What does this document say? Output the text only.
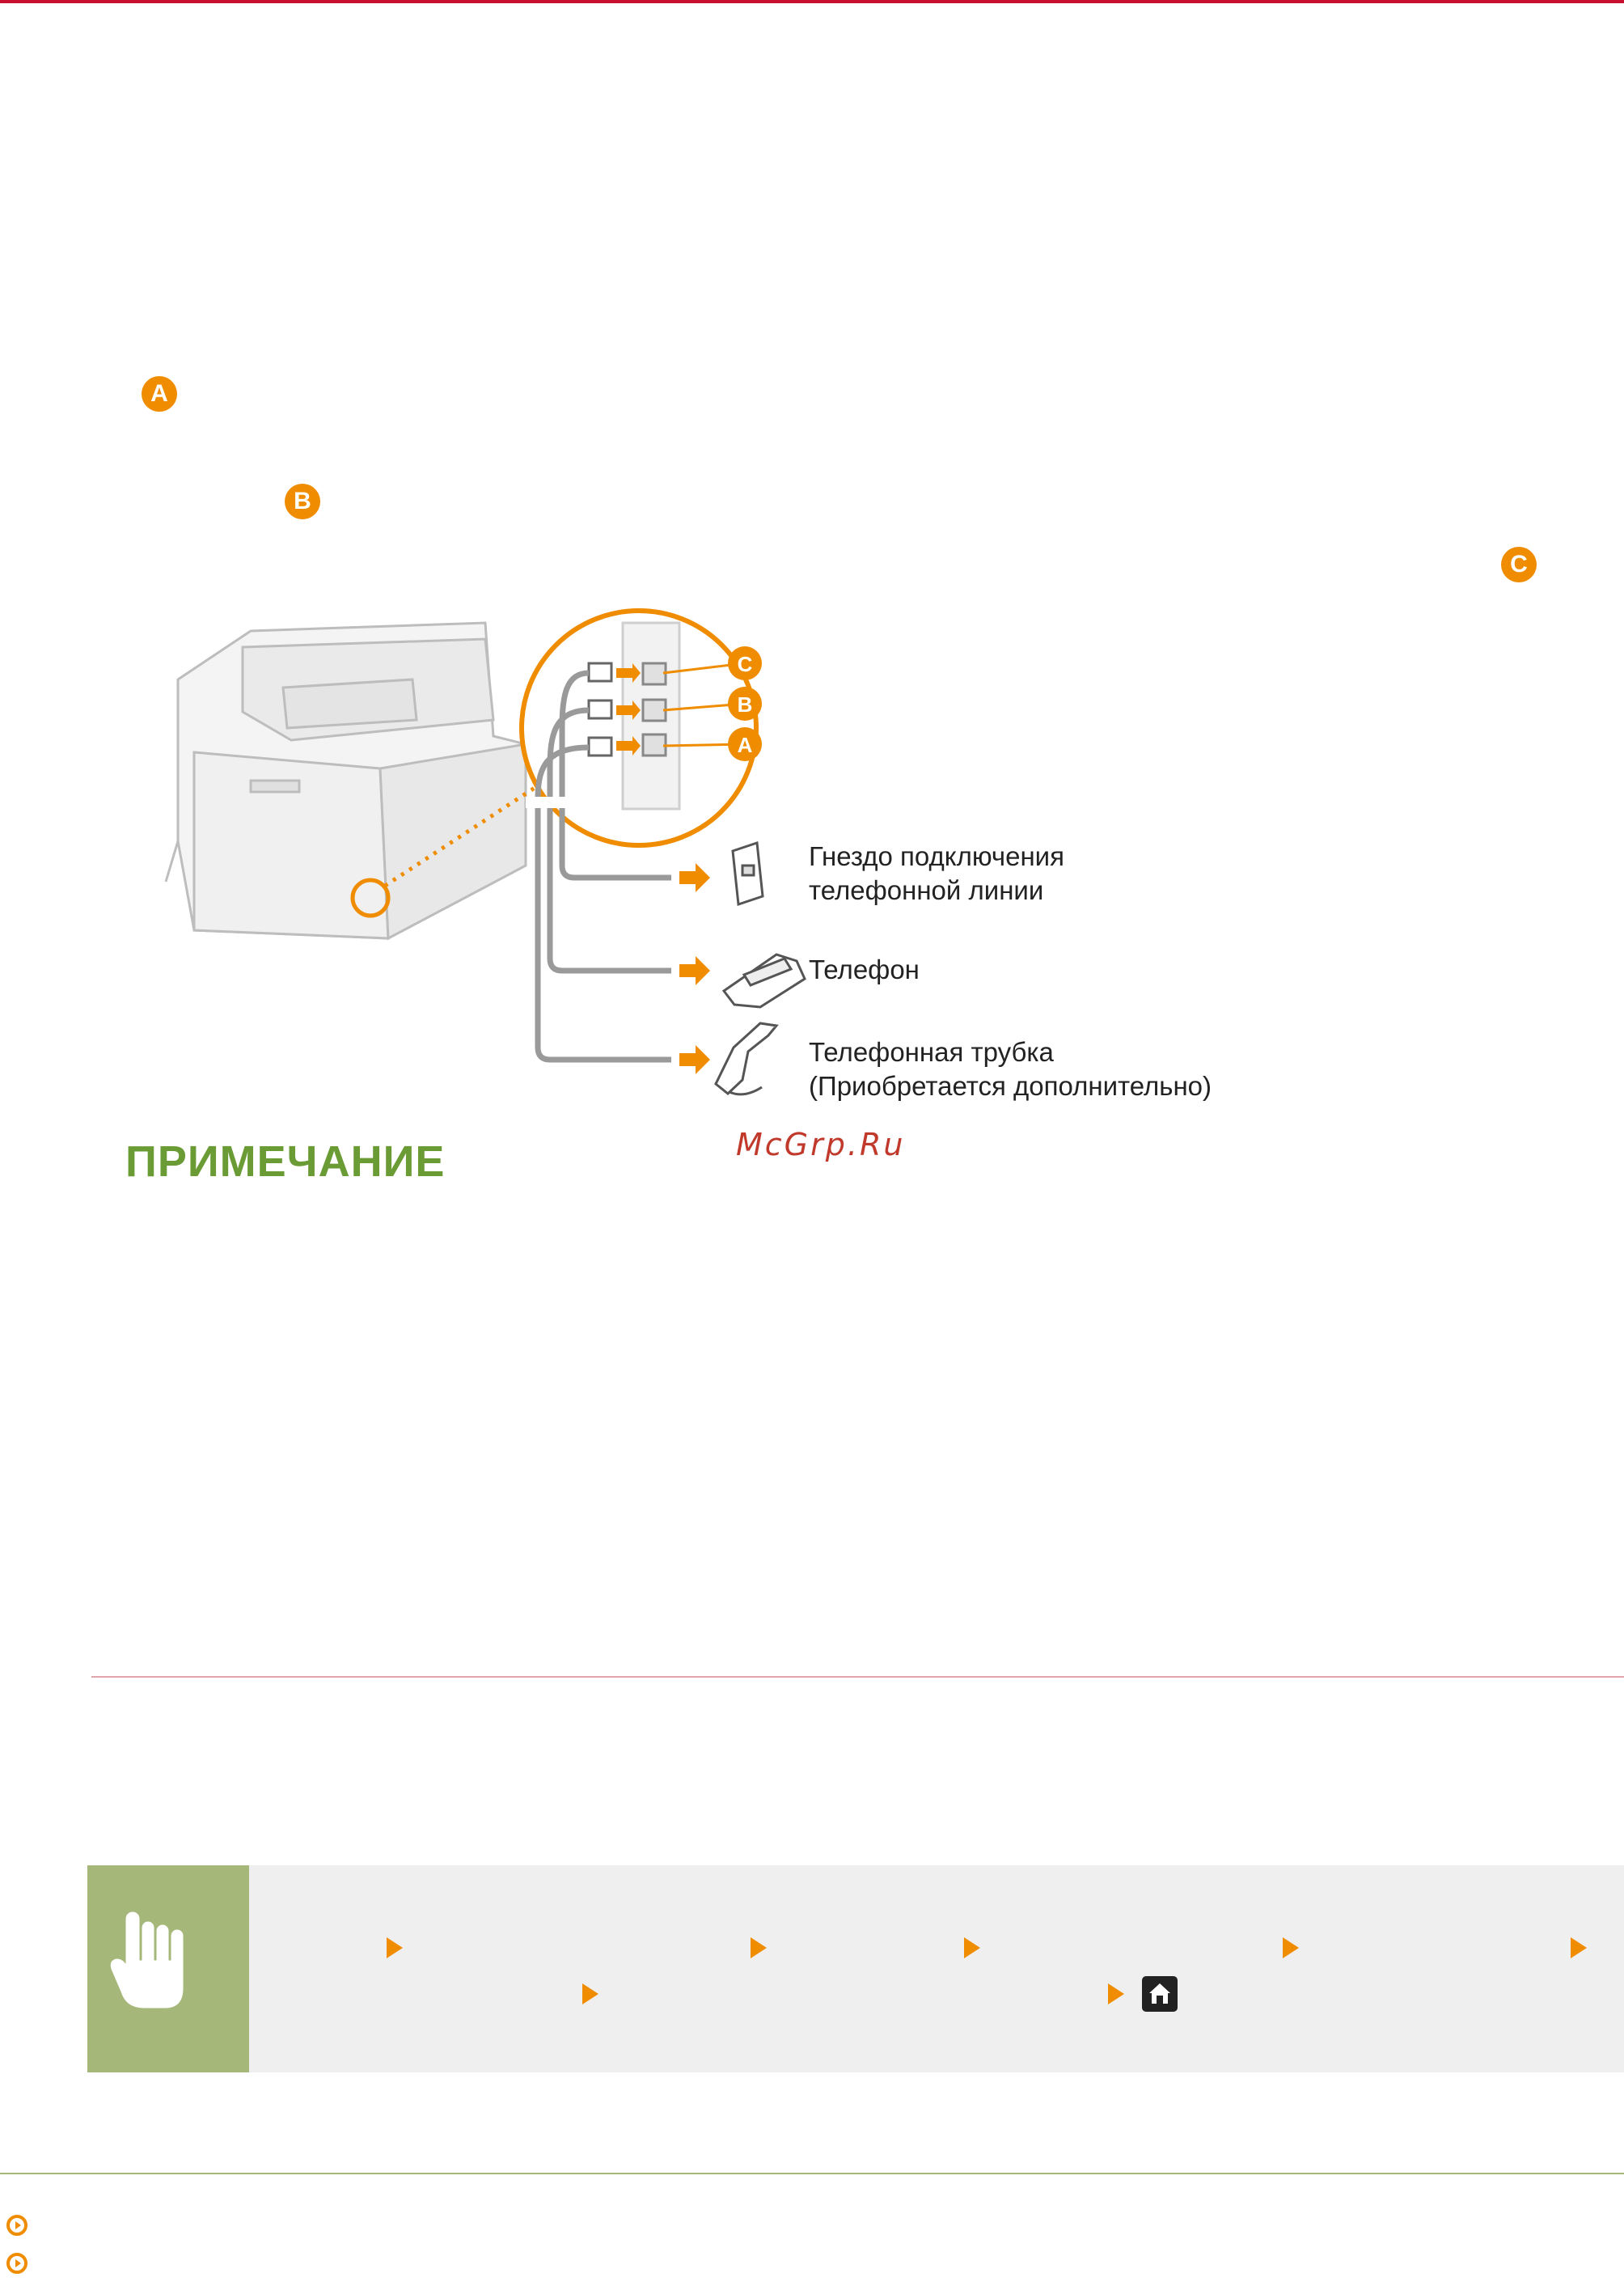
A
B
C
C
B
A
Гнездо подключения
телефонной линии
Телефон
Телефонная трубка
(Приобретается дополнительно)
ПРИМЕЧАНИЕ	McGrp.Ru
